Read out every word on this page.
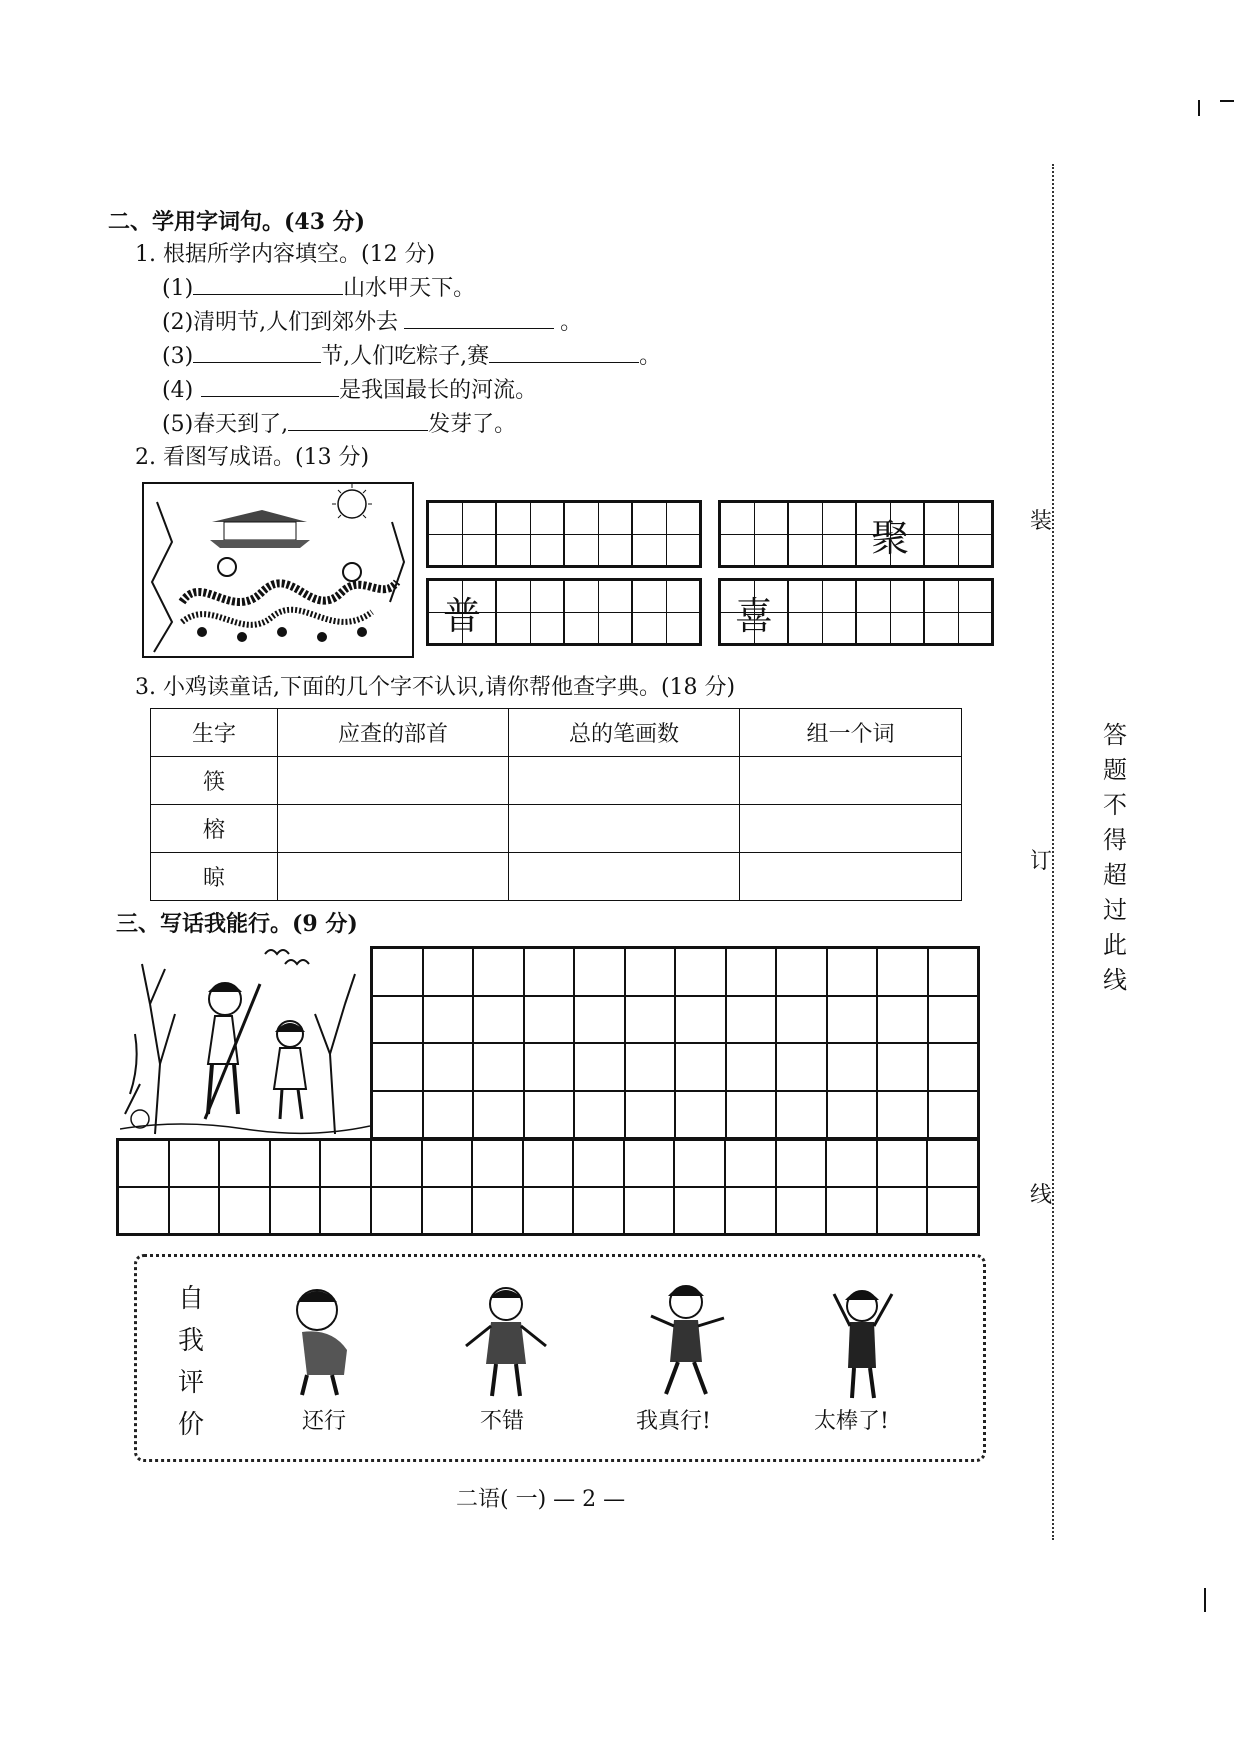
二、学用字词句。(43 分)
1. 根据所学内容填空。(12 分)
(1)	山水甲天下。
(2)清明节,人们到郊外去	。
(3)	节,人们吃粽子,赛	。
(4)	是我国最长的河流。
(5)春天到了,	发芽了。
2. 看图写成语。(13 分)
聚
普	喜
3. 小鸡读童话,下面的几个字不认识,请你帮他查字典。(18 分)
生字	应查的部首	总的笔画数	组一个词
筷			
榕			
晾			
三、写话我能行。(9 分)
自
我
评
价	还行	不错	我真行!	太棒了!
二语( 一) — 2 —
装
订
线
答
题
不
得
超
过
此
线
